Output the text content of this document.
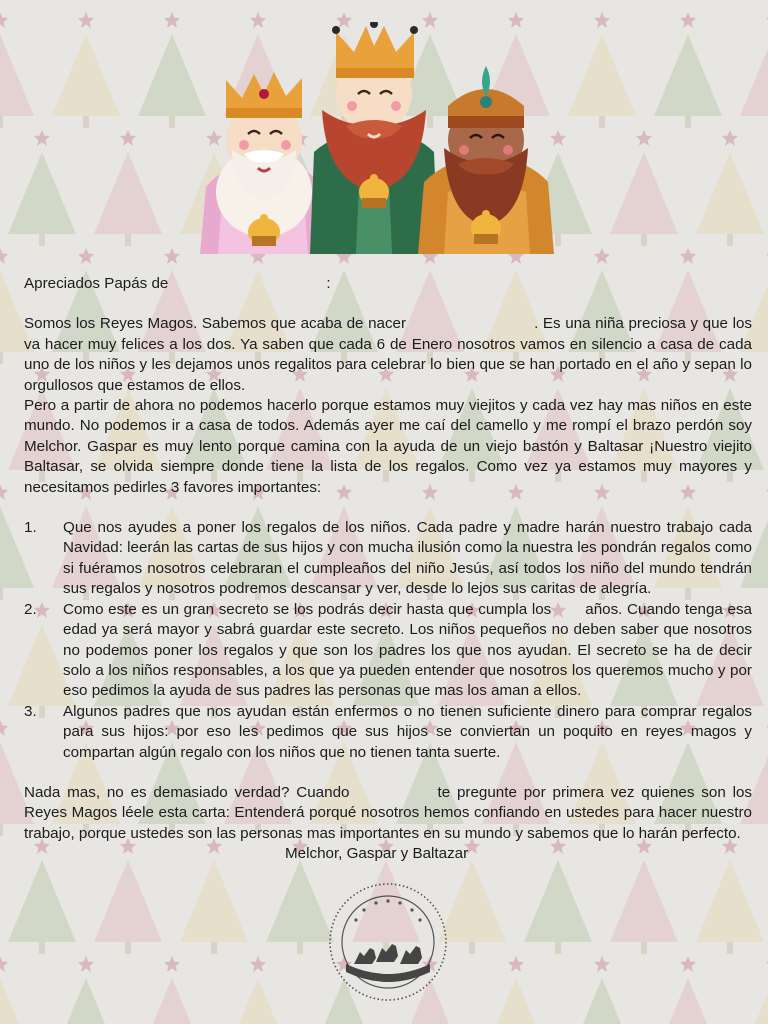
Apreciados Papás de	:

Somos los Reyes Magos. Sabemos que acaba de nacer	. Es una niña preciosa y que los va hacer muy felices a los dos. Ya saben que cada 6 de Enero nosotros vamos en silencio a casa de cada uno de los niños y les dejamos unos regalitos para celebrar lo bien que se han portado en el año y sepan lo orgullosos que estamos de ellos.

Pero a partir de ahora no podemos hacerlo porque estamos muy viejitos y cada vez hay mas niños en este mundo. No podemos ir a casa de todos. Además ayer me caí del camello y me rompí el brazo perdón soy Melchor. Gaspar es muy lento porque camina con la ayuda de un viejo bastón y Baltasar ¡Nuestro viejito Baltasar, se olvida siempre donde tiene la lista de los regalos. Como vez ya estamos muy mayores y necesitamos pedirles 3 favores importantes:

1. Que nos ayudes a poner los regalos de los niños. Cada padre y madre harán nuestro trabajo cada Navidad: leerán las cartas de sus hijos y con mucha ilusión como la nuestra les pondrán regalos como si fuéramos nosotros celebraran el cumpleaños del niño Jesús, así todos los niño del mundo tendrán sus regalos y nosotros podremos descansar y ver, desde lo lejos sus caritas de alegría.
2. Como este es un gran secreto se los podrás decir hasta que cumpla los años. Cuando tenga esa edad ya será mayor y sabrá guardar este secreto. Los niños pequeños no deben saber que nosotros no podemos poner los regalos y que son los padres los que nos ayudan. El secreto se ha de decir solo a los niños responsables, a los que ya pueden entender que nosotros los queremos mucho y por eso pedimos la ayuda de sus padres las personas que mas los aman a ellos.
3. Algunos padres que nos ayudan están enfermos o no tienen suficiente dinero para comprar regalos para sus hijos: por eso les pedimos que sus hijos se conviertan un poquito en reyes magos y compartan algún regalo con los niños que no tienen tanta suerte.

Nada mas, no es demasiado verdad? Cuando	te pregunte por primera vez quienes son los Reyes Magos léele esta carta: Entenderá porqué nosotros hemos confiando en ustedes para hacer nuestro trabajo, porque ustedes son las personas mas importantes en su mundo y sabemos que lo harán perfecto.

Melchor, Gaspar y Baltazar
